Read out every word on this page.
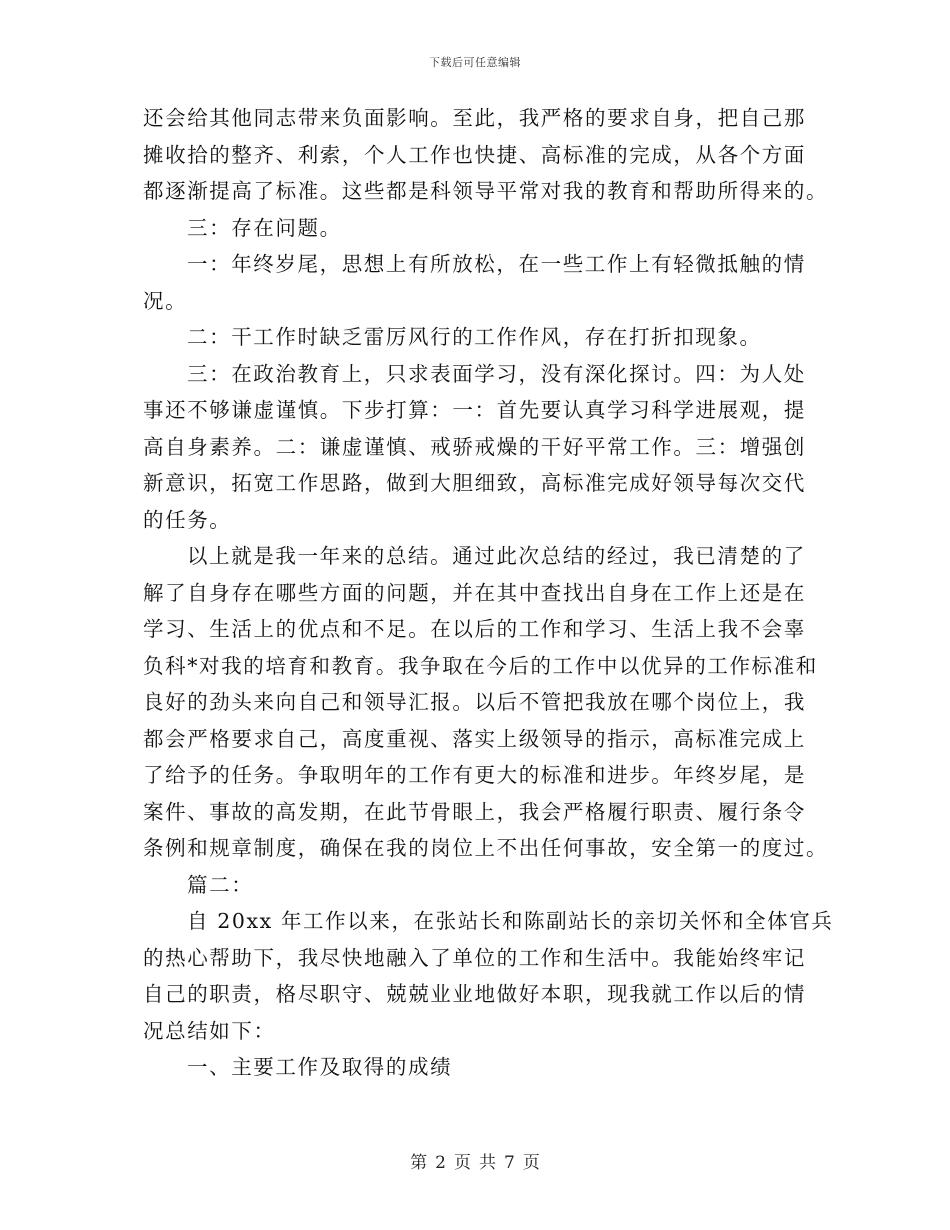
下载后可任意编辑
还会给其他同志带来负面影响。至此，我严格的要求自身，把自己那
摊收拾的整齐、利索，个人工作也快捷、高标准的完成，从各个方面
都逐渐提高了标准。这些都是科领导平常对我的教育和帮助所得来的。
三：存在问题。
一：年终岁尾，思想上有所放松，在一些工作上有轻微抵触的情
况。
二：干工作时缺乏雷厉风行的工作作风，存在打折扣现象。
三：在政治教育上，只求表面学习，没有深化探讨。四：为人处
事还不够谦虚谨慎。下步打算：一：首先要认真学习科学进展观，提
高自身素养。二：谦虚谨慎、戒骄戒燥的干好平常工作。三：增强创
新意识，拓宽工作思路，做到大胆细致，高标准完成好领导每次交代
的任务。
以上就是我一年来的总结。通过此次总结的经过，我已清楚的了
解了自身存在哪些方面的问题，并在其中查找出自身在工作上还是在
学习、生活上的优点和不足。在以后的工作和学习、生活上我不会辜
负科*对我的培育和教育。我争取在今后的工作中以优异的工作标准和
良好的劲头来向自己和领导汇报。以后不管把我放在哪个岗位上，我
都会严格要求自己，高度重视、落实上级领导的指示，高标准完成上
了给予的任务。争取明年的工作有更大的标准和进步。年终岁尾，是
案件、事故的高发期，在此节骨眼上，我会严格履行职责、履行条令
条例和规章制度，确保在我的岗位上不出任何事故，安全第一的度过。
篇二：
自 20xx 年工作以来，在张站长和陈副站长的亲切关怀和全体官兵
的热心帮助下，我尽快地融入了单位的工作和生活中。我能始终牢记
自己的职责，格尽职守、兢兢业业地做好本职，现我就工作以后的情
况总结如下：
一、主要工作及取得的成绩
第 2 页 共 7 页
